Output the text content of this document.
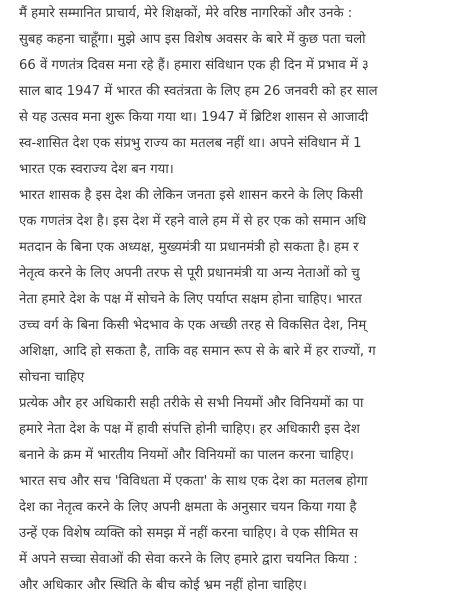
मैं हमारे सम्मानित प्राचार्य, मेरे शिक्षकों, मेरे वरिष्ठ नागरिकों और उनके :
सुबह कहना चाहूँगा। मुझे आप इस विशेष अवसर के बारे में कुछ पता चलो
66 वें गणतंत्र दिवस मना रहे हैं। हमारा संविधान एक ही दिन में प्रभाव में ३
साल बाद 1947 में भारत की स्वतंत्रता के लिए हम 26 जनवरी को हर साल
से यह उत्सव मना शुरू किया गया था। 1947 में ब्रिटिश शासन से आजादी
स्व-शासित देश एक संप्रभु राज्य का मतलब नहीं था। अपने संविधान में 1
भारत एक स्वराज्य देश बन गया।
भारत शासक है इस देश की लेकिन जनता इसे शासन करने के लिए किसी
एक गणतंत्र देश है। इस देश में रहने वाले हम में से हर एक को समान अधि
मतदान के बिना एक अध्यक्ष, मुख्यमंत्री या प्रधानमंत्री हो सकता है। हम र
नेतृत्व करने के लिए अपनी तरफ से पूरी प्रधानमंत्री या अन्य नेताओं को चु
नेता हमारे देश के पक्ष में सोचने के लिए पर्याप्त सक्षम होना चाहिए। भारत
उच्च वर्ग के बिना किसी भेदभाव के एक अच्छी तरह से विकसित देश, निम्
अशिक्षा, आदि हो सकता है, ताकि वह समान रूप से के बारे में हर राज्यों, ग
सोचना चाहिए
प्रत्येक और हर अधिकारी सही तरीके से सभी नियमों और विनियमों का पा
हमारे नेता देश के पक्ष में हावी संपत्ति होनी चाहिए। हर अधिकारी इस देश
बनाने के क्रम में भारतीय नियमों और विनियमों का पालन करना चाहिए।
भारत सच और सच 'विविधता में एकता' के साथ एक देश का मतलब होगा
देश का नेतृत्व करने के लिए अपनी क्षमता के अनुसार चयन किया गया है
उन्हें एक विशेष व्यक्ति को समझ में नहीं करना चाहिए। वे एक सीमित स
में अपने सच्चा सेवाओं की सेवा करने के लिए हमारे द्वारा चयनित किया :
और अधिकार और स्थिति के बीच कोई भ्रम नहीं होना चाहिए।
